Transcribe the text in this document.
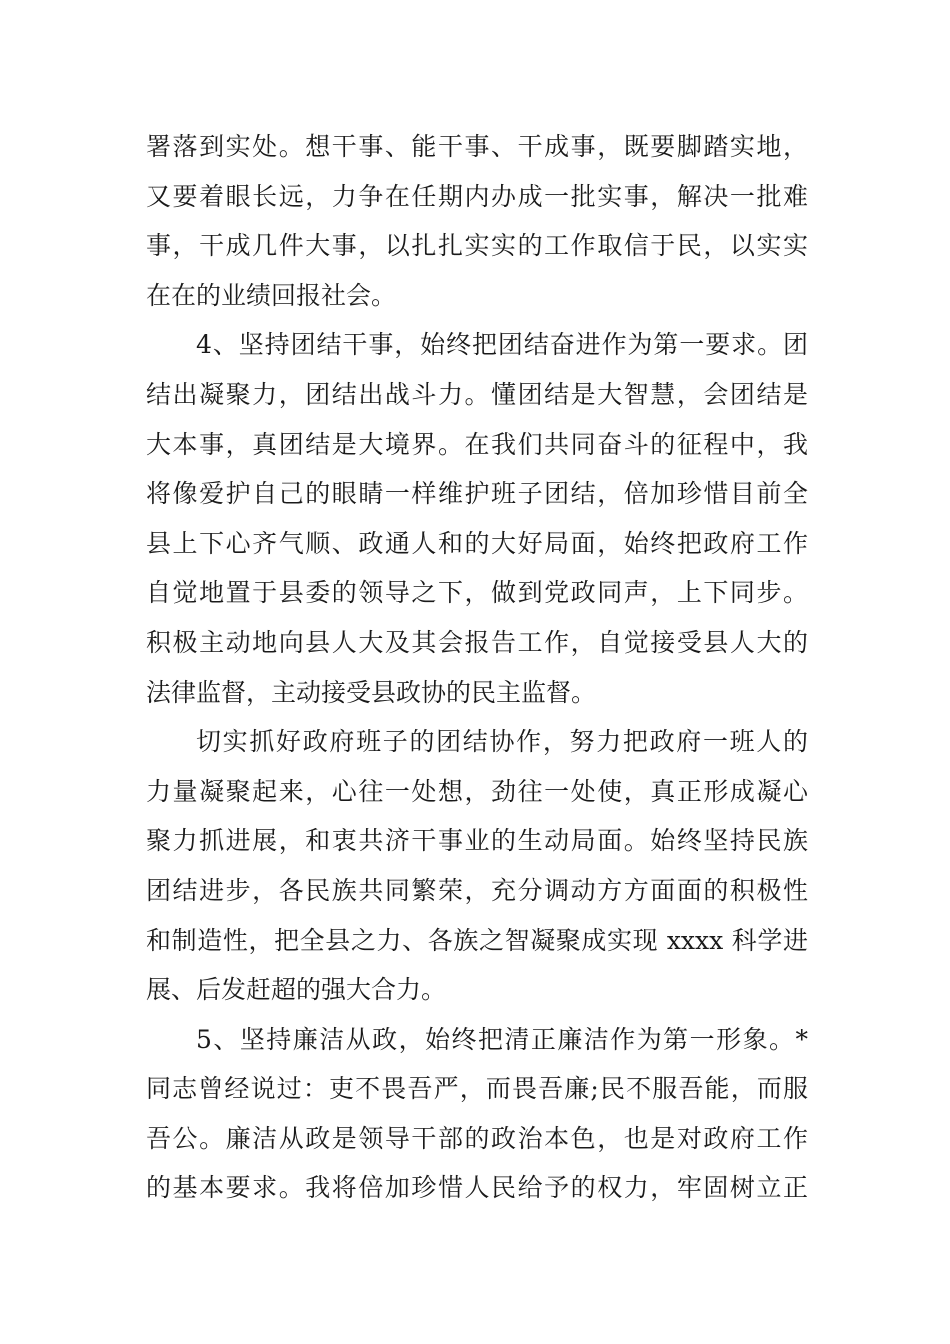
署落到实处。想干事、能干事、干成事，既要脚踏实地，
又要着眼长远，力争在任期内办成一批实事，解决一批难
事，干成几件大事，以扎扎实实的工作取信于民，以实实
在在的业绩回报社会。
4、坚持团结干事，始终把团结奋进作为第一要求。团
结出凝聚力，团结出战斗力。懂团结是大智慧，会团结是
大本事，真团结是大境界。在我们共同奋斗的征程中，我
将像爱护自己的眼睛一样维护班子团结，倍加珍惜目前全
县上下心齐气顺、政通人和的大好局面，始终把政府工作
自觉地置于县委的领导之下，做到党政同声，上下同步。
积极主动地向县人大及其会报告工作，自觉接受县人大的
法律监督，主动接受县政协的民主监督。
切实抓好政府班子的团结协作，努力把政府一班人的
力量凝聚起来，心往一处想，劲往一处使，真正形成凝心
聚力抓进展，和衷共济干事业的生动局面。始终坚持民族
团结进步，各民族共同繁荣，充分调动方方面面的积极性
和制造性，把全县之力、各族之智凝聚成实现 xxxx 科学进
展、后发赶超的强大合力。
5、坚持廉洁从政，始终把清正廉洁作为第一形象。*
同志曾经说过：吏不畏吾严，而畏吾廉;民不服吾能，而服
吾公。廉洁从政是领导干部的政治本色，也是对政府工作
的基本要求。我将倍加珍惜人民给予的权力，牢固树立正
